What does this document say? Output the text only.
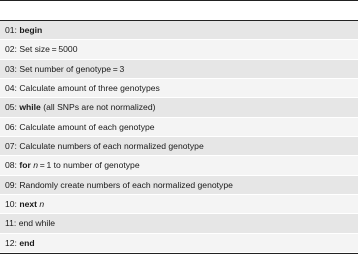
01: begin
02: Set size = 5000
03: Set number of genotype = 3
04: Calculate amount of three genotypes
05: while (all SNPs are not normalized)
06: Calculate amount of each genotype
07: Calculate numbers of each normalized genotype
08: for n = 1 to number of genotype
09: Randomly create numbers of each normalized genotype
10: next n
11: end while
12: end
